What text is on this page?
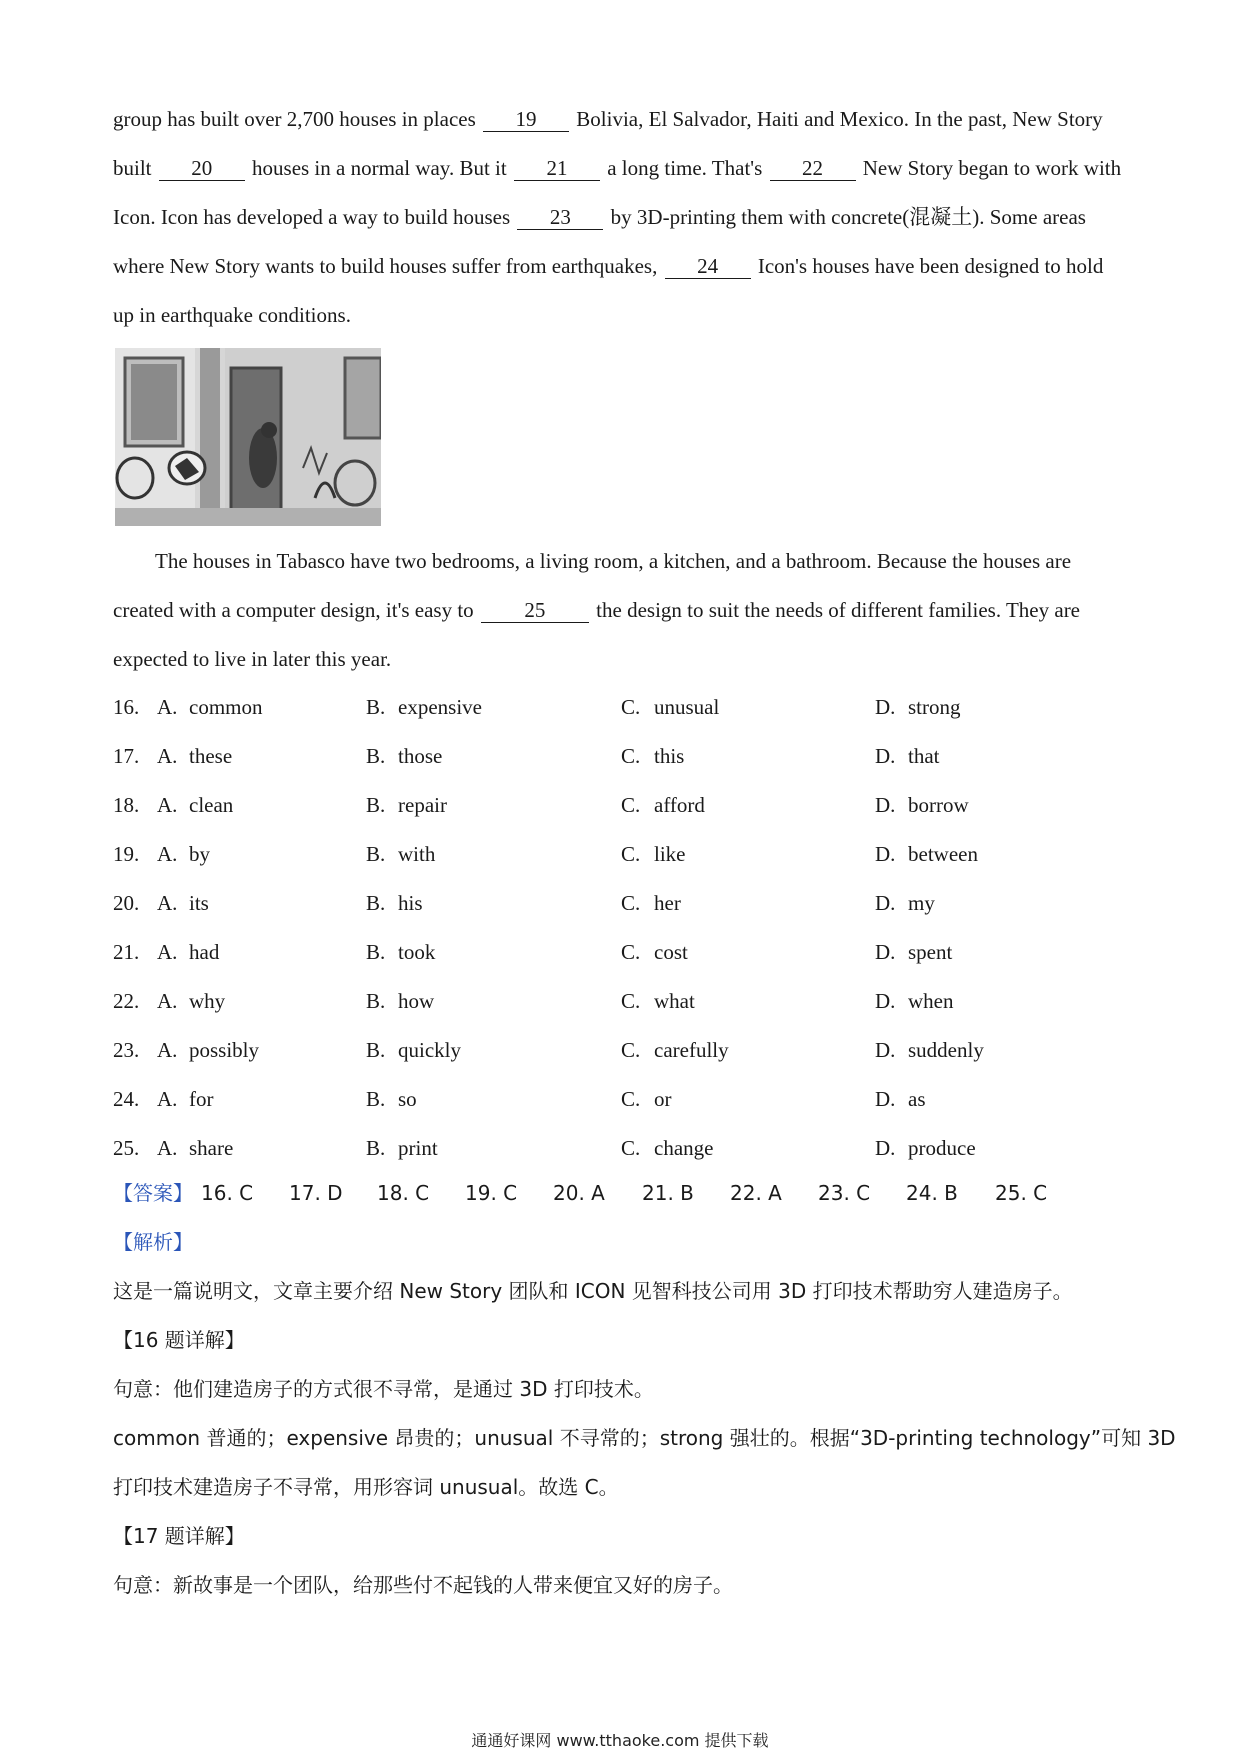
group has built over 2,700 houses in places 19 Bolivia, El Salvador, Haiti and Mexico. In the past, New Story
built 20 houses in a normal way. But it 21 a long time. That's 22 New Story began to work with
Icon. Icon has developed a way to build houses 23 by 3D-printing them with concrete(混凝土). Some areas
where New Story wants to build houses suffer from earthquakes, 24 Icon's houses have been designed to hold
up in earthquake conditions.
The houses in Tabasco have two bedrooms, a living room, a kitchen, and a bathroom. Because the houses are
created with a computer design, it's easy to 25 the design to suit the needs of different families. They are
expected to live in later this year.
16. A. common	B. expensive	C. unusual	D. strong
17. A. these	B. those	C. this	D. that
18. A. clean	B. repair	C. afford	D. borrow
19. A. by	B. with	C. like	D. between
20. A. its	B. his	C. her	D. my
21. A. had	B. took	C. cost	D. spent
22. A. why	B. how	C. what	D. when
23. A. possibly	B. quickly	C. carefully	D. suddenly
24. A. for	B. so	C. or	D. as
25. A. share	B. print	C. change	D. produce
【答案】 16. C 17. D 18. C 19. C 20. A 21. B 22. A 23. C 24. B 25. C
【解析】
这是一篇说明文，文章主要介绍 New Story 团队和 ICON 见智科技公司用 3D 打印技术帮助穷人建造房子。
【16 题详解】
句意：他们建造房子的方式很不寻常，是通过 3D 打印技术。
common 普通的；expensive 昂贵的；unusual 不寻常的；strong 强壮的。根据“3D-printing technology”可知 3D
打印技术建造房子不寻常，用形容词 unusual。故选 C。
【17 题详解】
句意：新故事是一个团队，给那些付不起钱的人带来便宜又好的房子。
通通好课网 www.tthaoke.com 提供下载
